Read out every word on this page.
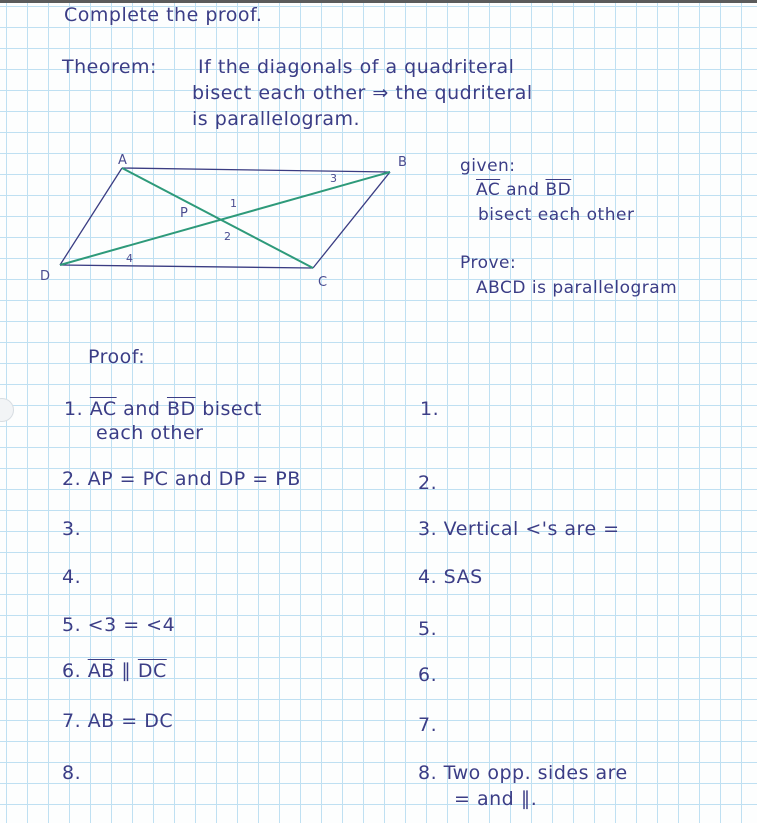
Complete the proof.
Theorem: If the diagonals of a quadriteral
bisect each other ⇒ the qudriteral
is parallelogram.
A	B
C
D
P
1
2
3
4
given:
$\overline{AC}$ and $\overline{BD}$
bisect each other
Prove:
ABCD is parallelogram
Proof:
1. $\overline{AC}$ and $\overline{BD}$ bisect
each other
2. AP = PC and DP = PB
3.
4.
5. <3 = <4
6. $\overline{AB}$ ∥ $\overline{DC}$
7. AB = DC
8.
1.
2.
3. Vertical <'s are =
4. SAS
5.
6.
7.
8. Two opp. sides are
= and ∥.
